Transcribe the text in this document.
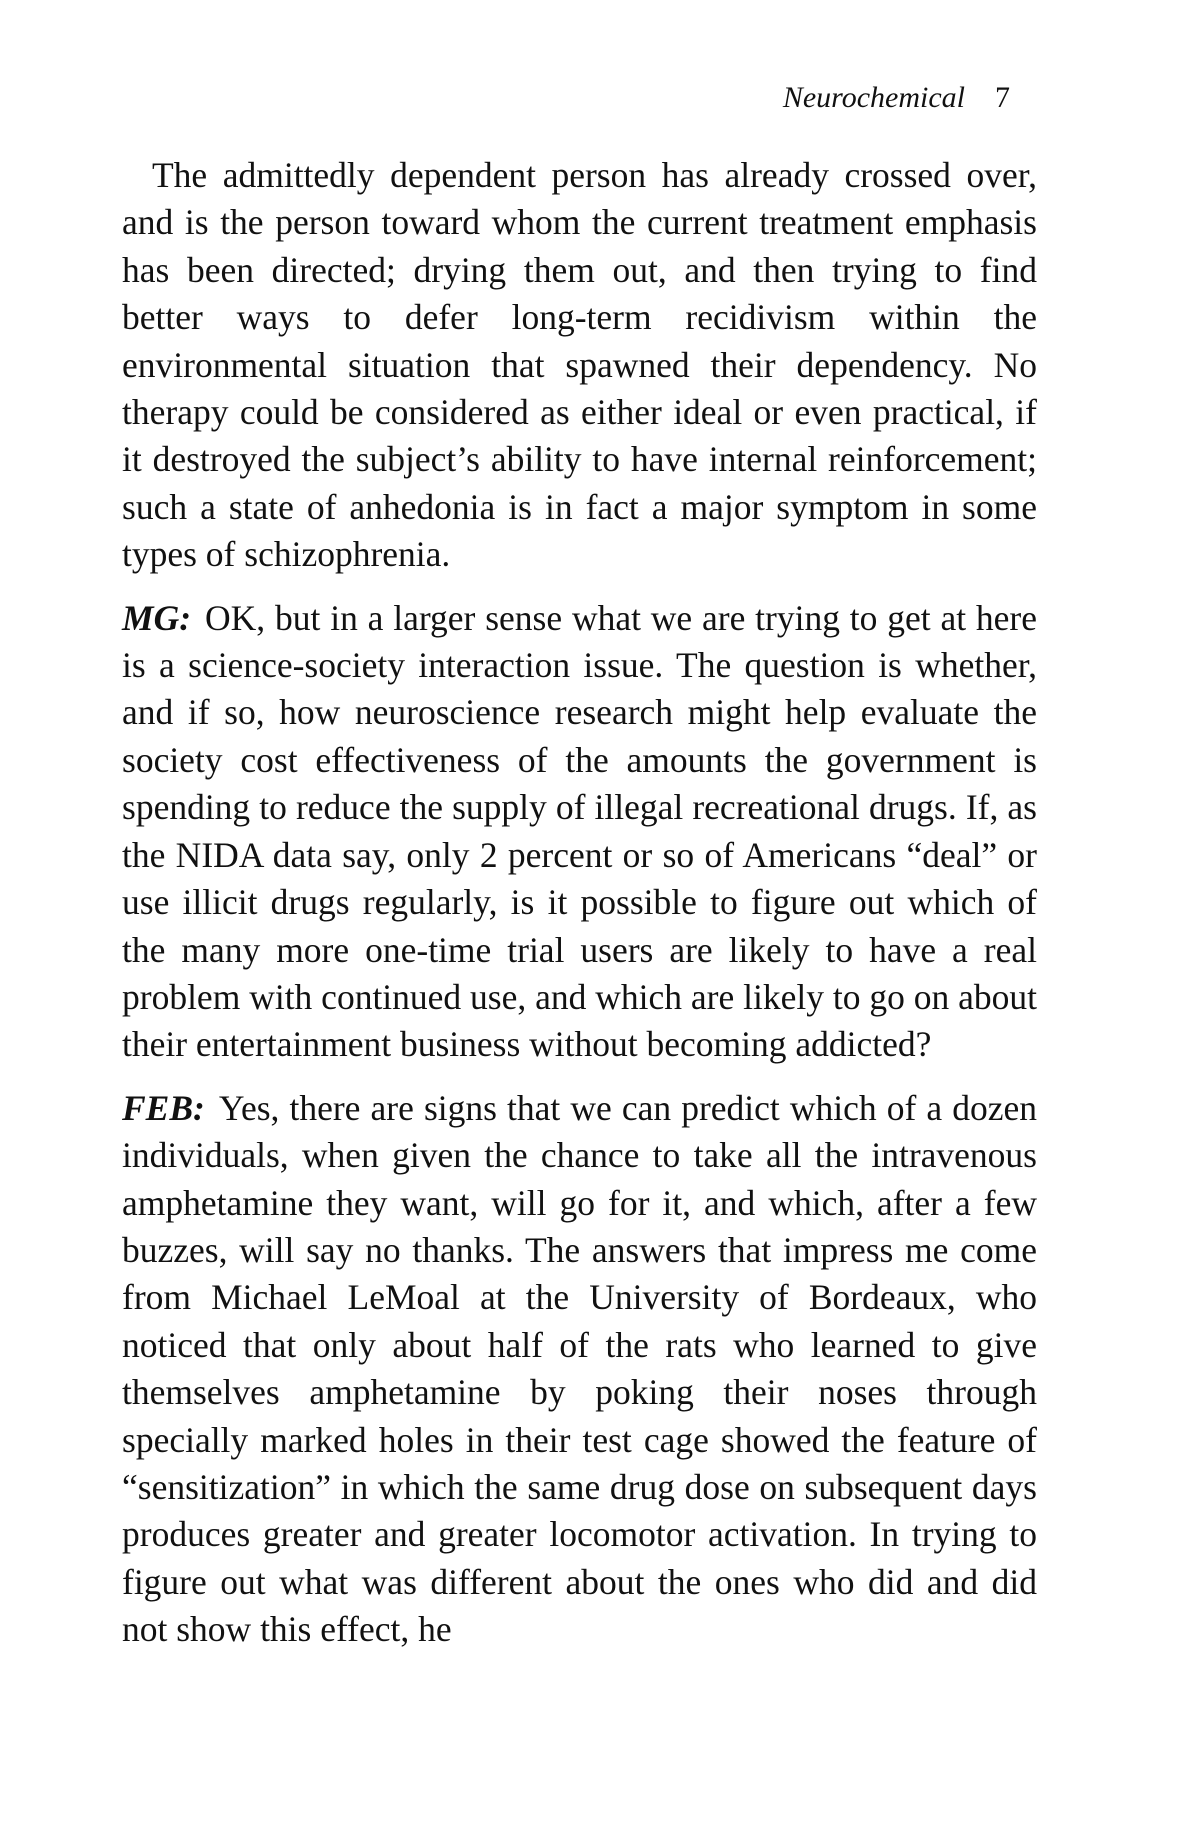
Neurochemical 7

The admittedly dependent person has already crossed over, and is the person toward whom the current treatment emphasis has been directed; drying them out, and then try­ing to find better ways to defer long-term recidivism within the environmental situation that spawned their dependency. No therapy could be considered as either ideal or even prac­tical, if it destroyed the subject’s ability to have internal rein­forcement; such a state of anhedonia is in fact a major symptom in some types of schizophrenia.

MG: OK, but in a larger sense what we are trying to get at here is a science-society interaction issue. The question is whether, and if so, how neuroscience research might help evaluate the society cost effectiveness of the amounts the gov­ernment is spending to reduce the supply of illegal recre­ational drugs. If, as the NIDA data say, only 2 percent or so of Americans “deal” or use illicit drugs regularly, is it possible to figure out which of the many more one-time trial users are likely to have a real problem with continued use, and which are likely to go on about their entertainment business without becoming addicted?

FEB: Yes, there are signs that we can predict which of a dozen individuals, when given the chance to take all the in­travenous amphetamine they want, will go for it, and which, after a few buzzes, will say no thanks. The answers that im­press me come from Michael LeMoal at the University of Bordeaux, who noticed that only about half of the rats who learned to give themselves amphetamine by poking their noses through specially marked holes in their test cage showed the feature of “sensitization” in which the same drug dose on subsequent days produces greater and greater loco­motor activation. In trying to figure out what was different about the ones who did and did not show this effect, he
